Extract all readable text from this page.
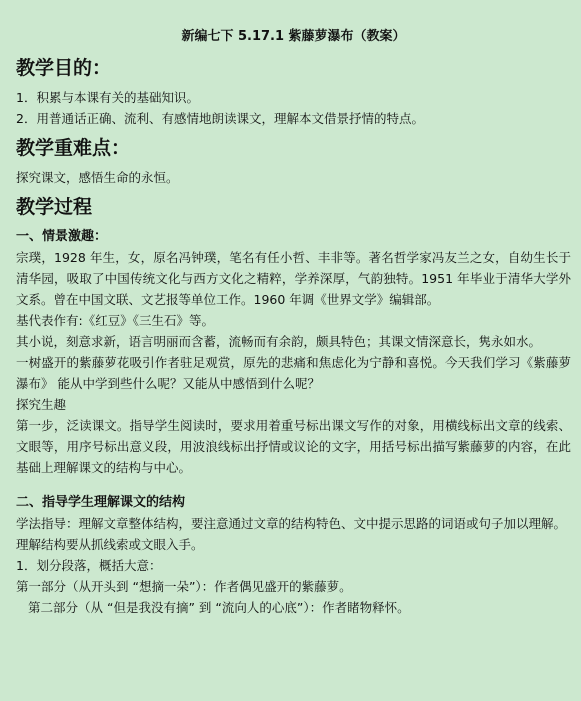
新编七下 5.17.1 紫藤萝瀑布（教案）
教学目的：
1．积累与本课有关的基础知识。
2．用普通话正确、流利、有感情地朗读课文，理解本文借景抒情的特点。
教学重难点：
探究课文，感悟生命的永恒。
教学过程
一、情景激趣：
宗璞，1928 年生，女，原名冯钟璞，笔名有任小哲、丰非等。著名哲学家冯友兰之女，自幼生长于清华园，吸取了中国传统文化与西方文化之精粹，学养深厚，气韵独特。1951 年毕业于清华大学外文系。曾在中国文联、文艺报等单位工作。1960 年调《世界文学》编辑部。
基代表作有:《红豆》《三生石》等。
其小说，刻意求新，语言明丽而含蓄，流畅而有余韵，颇具特色；其课文情深意长，隽永如水。
一树盛开的紫藤萝花吸引作者驻足观赏，原先的悲痛和焦虑化为宁静和喜悦。今天我们学习《紫藤萝瀑布》 能从中学到些什么呢？又能从中感悟到什么呢？
探究生趣
第一步，泛读课文。指导学生阅读时，要求用着重号标出课文写作的对象，用横线标出文章的线索、文眼等，用序号标出意义段，用波浪线标出抒情或议论的文字，用括号标出描写紫藤萝的内容，在此基础上理解课文的结构与中心。
二、指导学生理解课文的结构
学法指导：理解文章整体结构，要注意通过文章的结构特色、文中提示思路的词语或句子加以理解。
理解结构要从抓线索或文眼入手。
1．划分段落，概括大意：
第一部分（从开头到 “想摘一朵”）：作者偶见盛开的紫藤萝。
第二部分（从 “但是我没有摘” 到 “流向人的心底”）：作者睹物释怀。
